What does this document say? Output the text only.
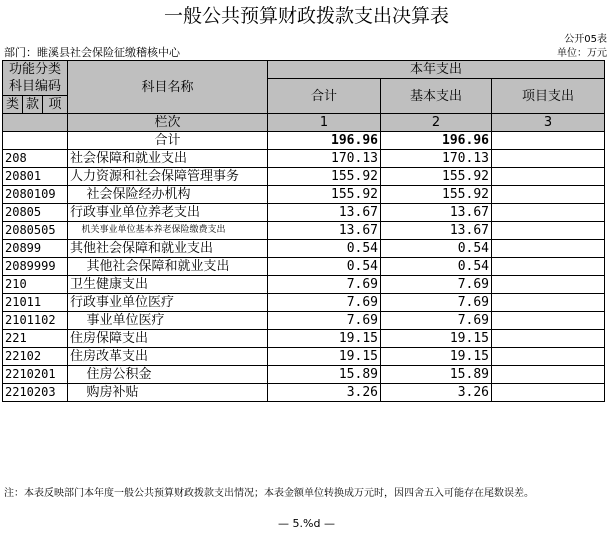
一般公共预算财政拨款支出决算表
公开05表
部门：睢溪县社会保险征缴稽核中心	单位：万元
功能分类科目编码			科目名称	本年支出		
				合计	基本支出	项目支出

类	款	项				
			栏次	1	2	3
			合计	196.96	196.96	
208			社会保障和就业支出	170.13	170.13	
20801			人力资源和社会保障管理事务	155.92	155.92	
2080109			社会保险经办机构	155.92	155.92	
20805			行政事业单位养老支出	13.67	13.67	
2080505			机关事业单位基本养老保险缴费支出	13.67	13.67	
20899			其他社会保障和就业支出	0.54	0.54	
2089999			其他社会保障和就业支出	0.54	0.54	
210			卫生健康支出	7.69	7.69	
21011			行政事业单位医疗	7.69	7.69	
2101102			事业单位医疗	7.69	7.69	
221			住房保障支出	19.15	19.15	
22102			住房改革支出	19.15	19.15	
2210201			住房公积金	15.89	15.89	
2210203			购房补贴	3.26	3.26	
注：本表反映部门本年度一般公共预算财政拨款支出情况；本表金额单位转换成万元时，因四舍五入可能存在尾数误差。
— 5.%d —
